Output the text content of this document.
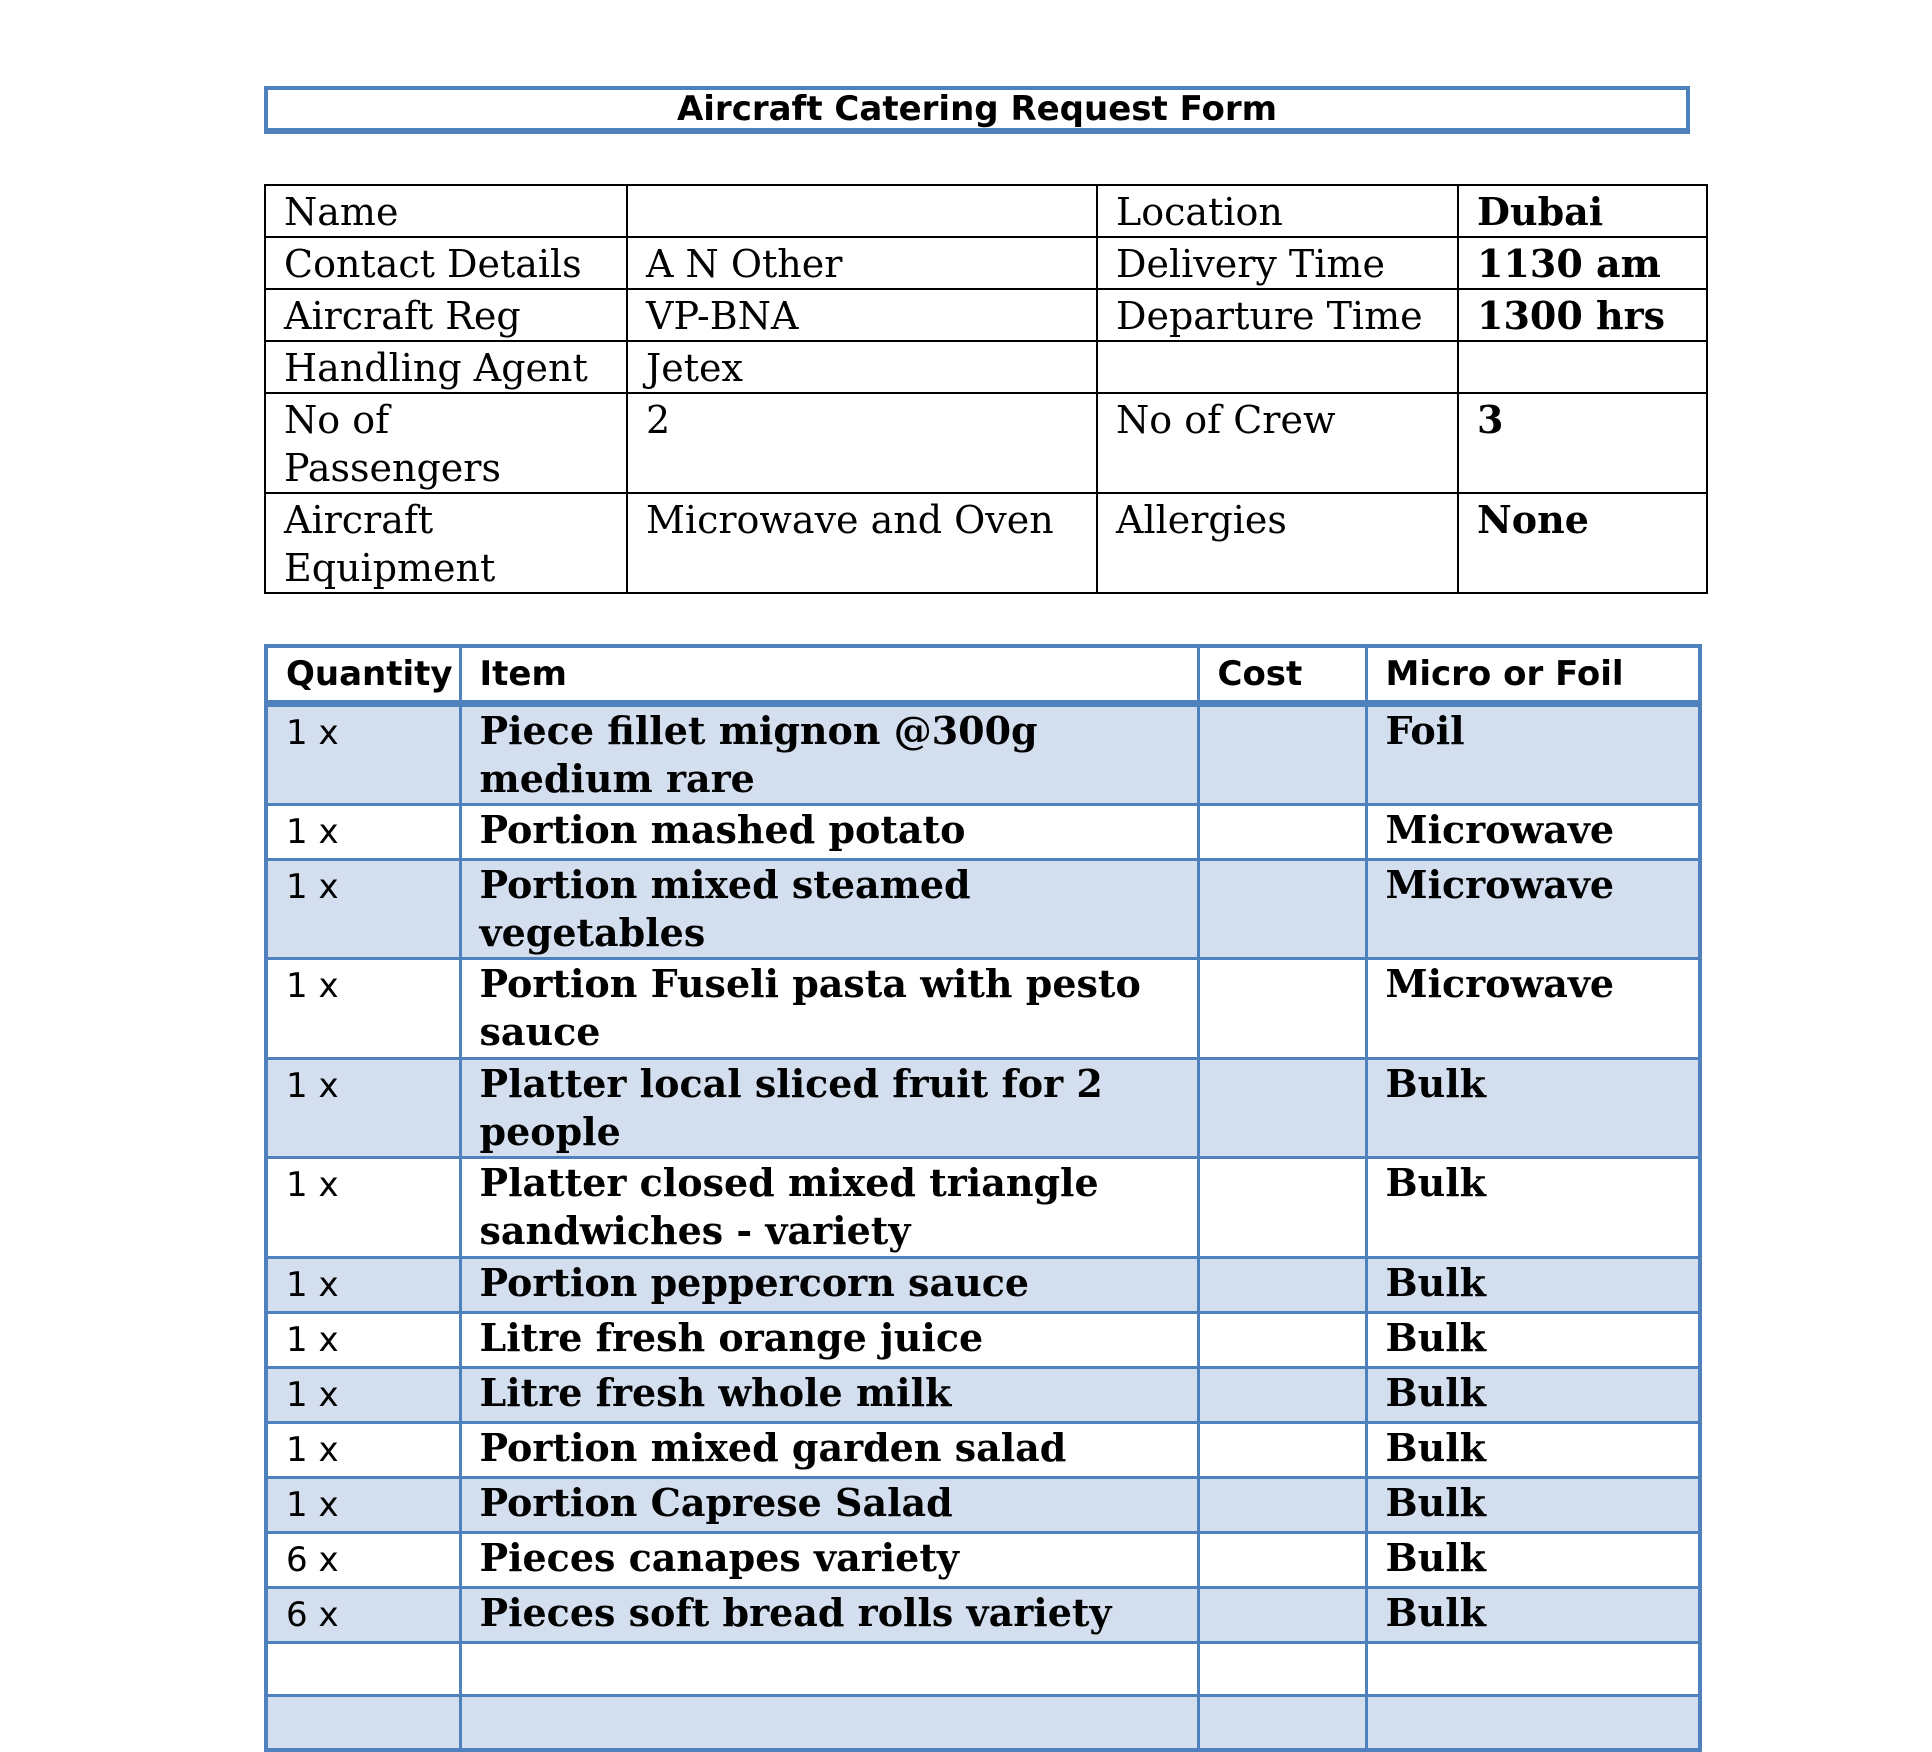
Aircraft Catering Request Form
Name		Location	Dubai
Contact Details	A N Other	Delivery Time	1130 am
Aircraft Reg	VP-BNA	Departure Time	1300 hrs
Handling Agent	Jetex		
No of Passengers	2	No of Crew	3
Aircraft Equipment	Microwave and Oven	Allergies	None
Quantity	Item	Cost	Micro or Foil
1 x	Piece fillet mignon @300g medium rare		Foil
1 x	Portion mashed potato		Microwave
1 x	Portion mixed steamed vegetables		Microwave
1 x	Portion Fuseli pasta with pesto sauce		Microwave
1 x	Platter local sliced fruit for 2 people		Bulk
1 x	Platter closed mixed triangle sandwiches - variety		Bulk
1 x	Portion peppercorn sauce		Bulk
1 x	Litre fresh orange juice		Bulk
1 x	Litre fresh whole milk		Bulk
1 x	Portion mixed garden salad		Bulk
1 x	Portion Caprese Salad		Bulk
6 x	Pieces canapes variety		Bulk
6 x	Pieces soft bread rolls variety		Bulk
